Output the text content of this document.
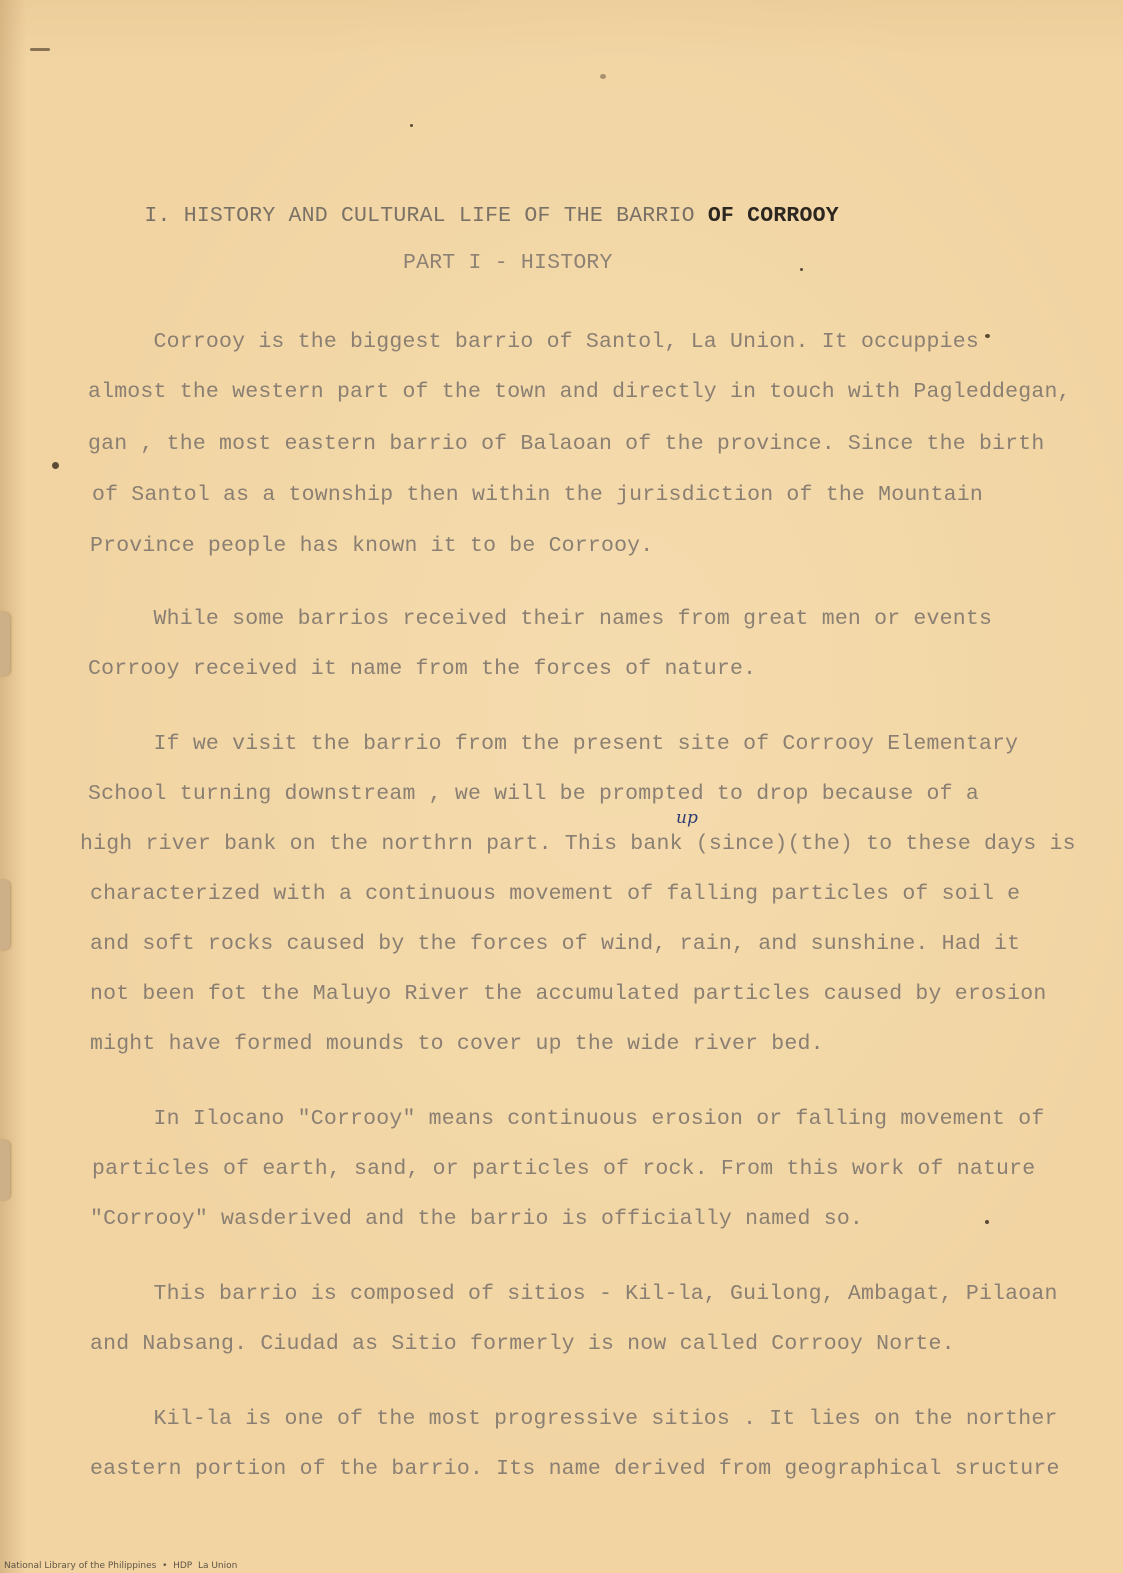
I. HISTORY AND CULTURAL LIFE OF THE BARRIO OF CORROOY

PART I - HISTORY
Corrooy is the biggest barrio of Santol, La Union. It occuppies
almost the western part of the town and directly in touch with Pagleddegan,
gan , the most eastern barrio of Balaoan of the province. Since the birth
of Santol as a township then within the jurisdiction of the Mountain
Province people has known it to be Corrooy.
While some barrios received their names from great men or events
Corrooy received it name from the forces of nature.
If we visit the barrio from the present site of Corrooy Elementary
School turning downstream , we will be prompted to drop because of a
high river bank on the northrn part. This bank (since)(the) to these days is
characterized with a continuous movement of falling particles of soil e
and soft rocks caused by the forces of wind, rain, and sunshine. Had it
not been fot the Maluyo River the accumulated particles caused by erosion
might have formed mounds to cover up the wide river bed.
In Ilocano "Corrooy" means continuous erosion or falling movement of
particles of earth, sand, or particles of rock. From this work of nature
"Corrooy" wasderived and the barrio is officially named so.
This barrio is composed of sitios - Kil-la, Guilong, Ambagat, Pilaoan
and Nabsang. Ciudad as Sitio formerly is now called Corrooy Norte.
Kil-la is one of the most progressive sitios . It lies on the norther
eastern portion of the barrio. Its name derived from geographical sructure
up
National Library of the Philippines  •  HDP  La Union
